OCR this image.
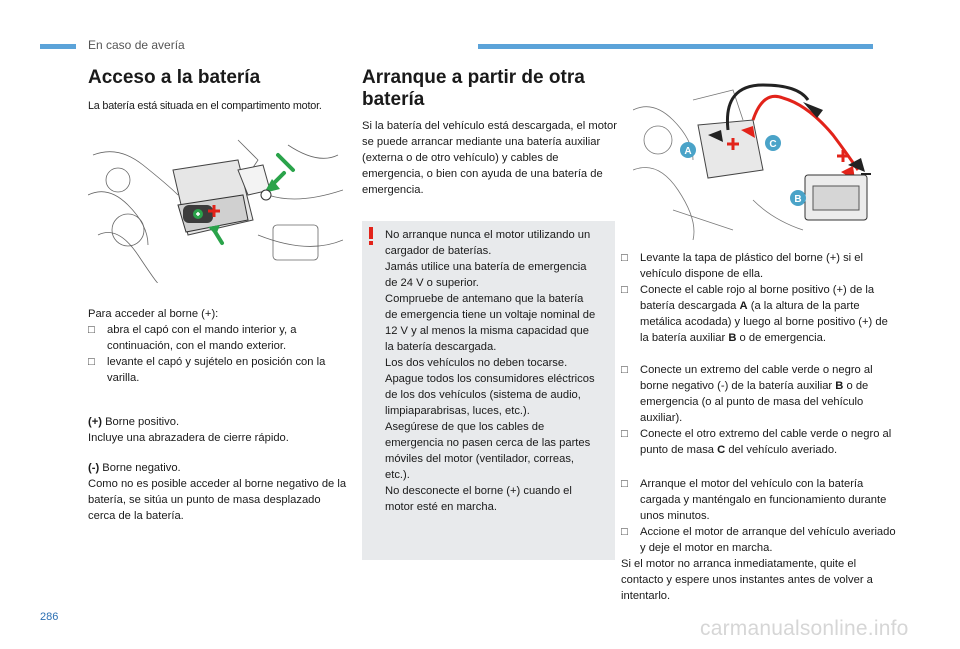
En caso de avería
Acceso a la batería
La batería está situada en el compartimento motor.
Para acceder al borne (+):
□ abra el capó con el mando interior y, a continuación, con el mando exterior.
□ levante el capó y sujételo en posición con la varilla.
(+) Borne positivo.
Incluye una abrazadera de cierre rápido.
(-) Borne negativo.
Como no es posible acceder al borne negativo de la batería, se sitúa un punto de masa desplazado cerca de la batería.
Arranque a partir de otra
batería
Si la batería del vehículo está descargada, el motor se puede arrancar mediante una batería auxiliar (externa o de otro vehículo) y cables de emergencia, o bien con ayuda de una batería de emergencia.
No arranque nunca el motor utilizando un
cargador de baterías.
Jamás utilice una batería de emergencia
de 24 V o superior.
Compruebe de antemano que la batería
de emergencia tiene un voltaje nominal de
12 V y al menos la misma capacidad que
la batería descargada.
Los dos vehículos no deben tocarse.
Apague todos los consumidores eléctricos
de los dos vehículos (sistema de audio,
limpiaparabrisas, luces, etc.).
Asegúrese de que los cables de
emergencia no pasen cerca de las partes
móviles del motor (ventilador, correas,
etc.).
No desconecte el borne (+) cuando el
motor esté en marcha.
A
C
B
□ Levante la tapa de plástico del borne (+) si el vehículo dispone de ella.
□ Conecte el cable rojo al borne positivo (+) de la batería descargada A (a la altura de la parte metálica acodada) y luego al borne positivo (+) de la batería auxiliar B o de emergencia.
□ Conecte un extremo del cable verde o negro al borne negativo (-) de la batería auxiliar B o de emergencia (o al punto de masa del vehículo auxiliar).
□ Conecte el otro extremo del cable verde o negro al punto de masa C del vehículo averiado.
□ Arranque el motor del vehículo con la batería cargada y manténgalo en funcionamiento durante unos minutos.
□ Accione el motor de arranque del vehículo averiado y deje el motor en marcha.
Si el motor no arranca inmediatamente, quite el contacto y espere unos instantes antes de volver a intentarlo.
286	carmanualsonline.info
